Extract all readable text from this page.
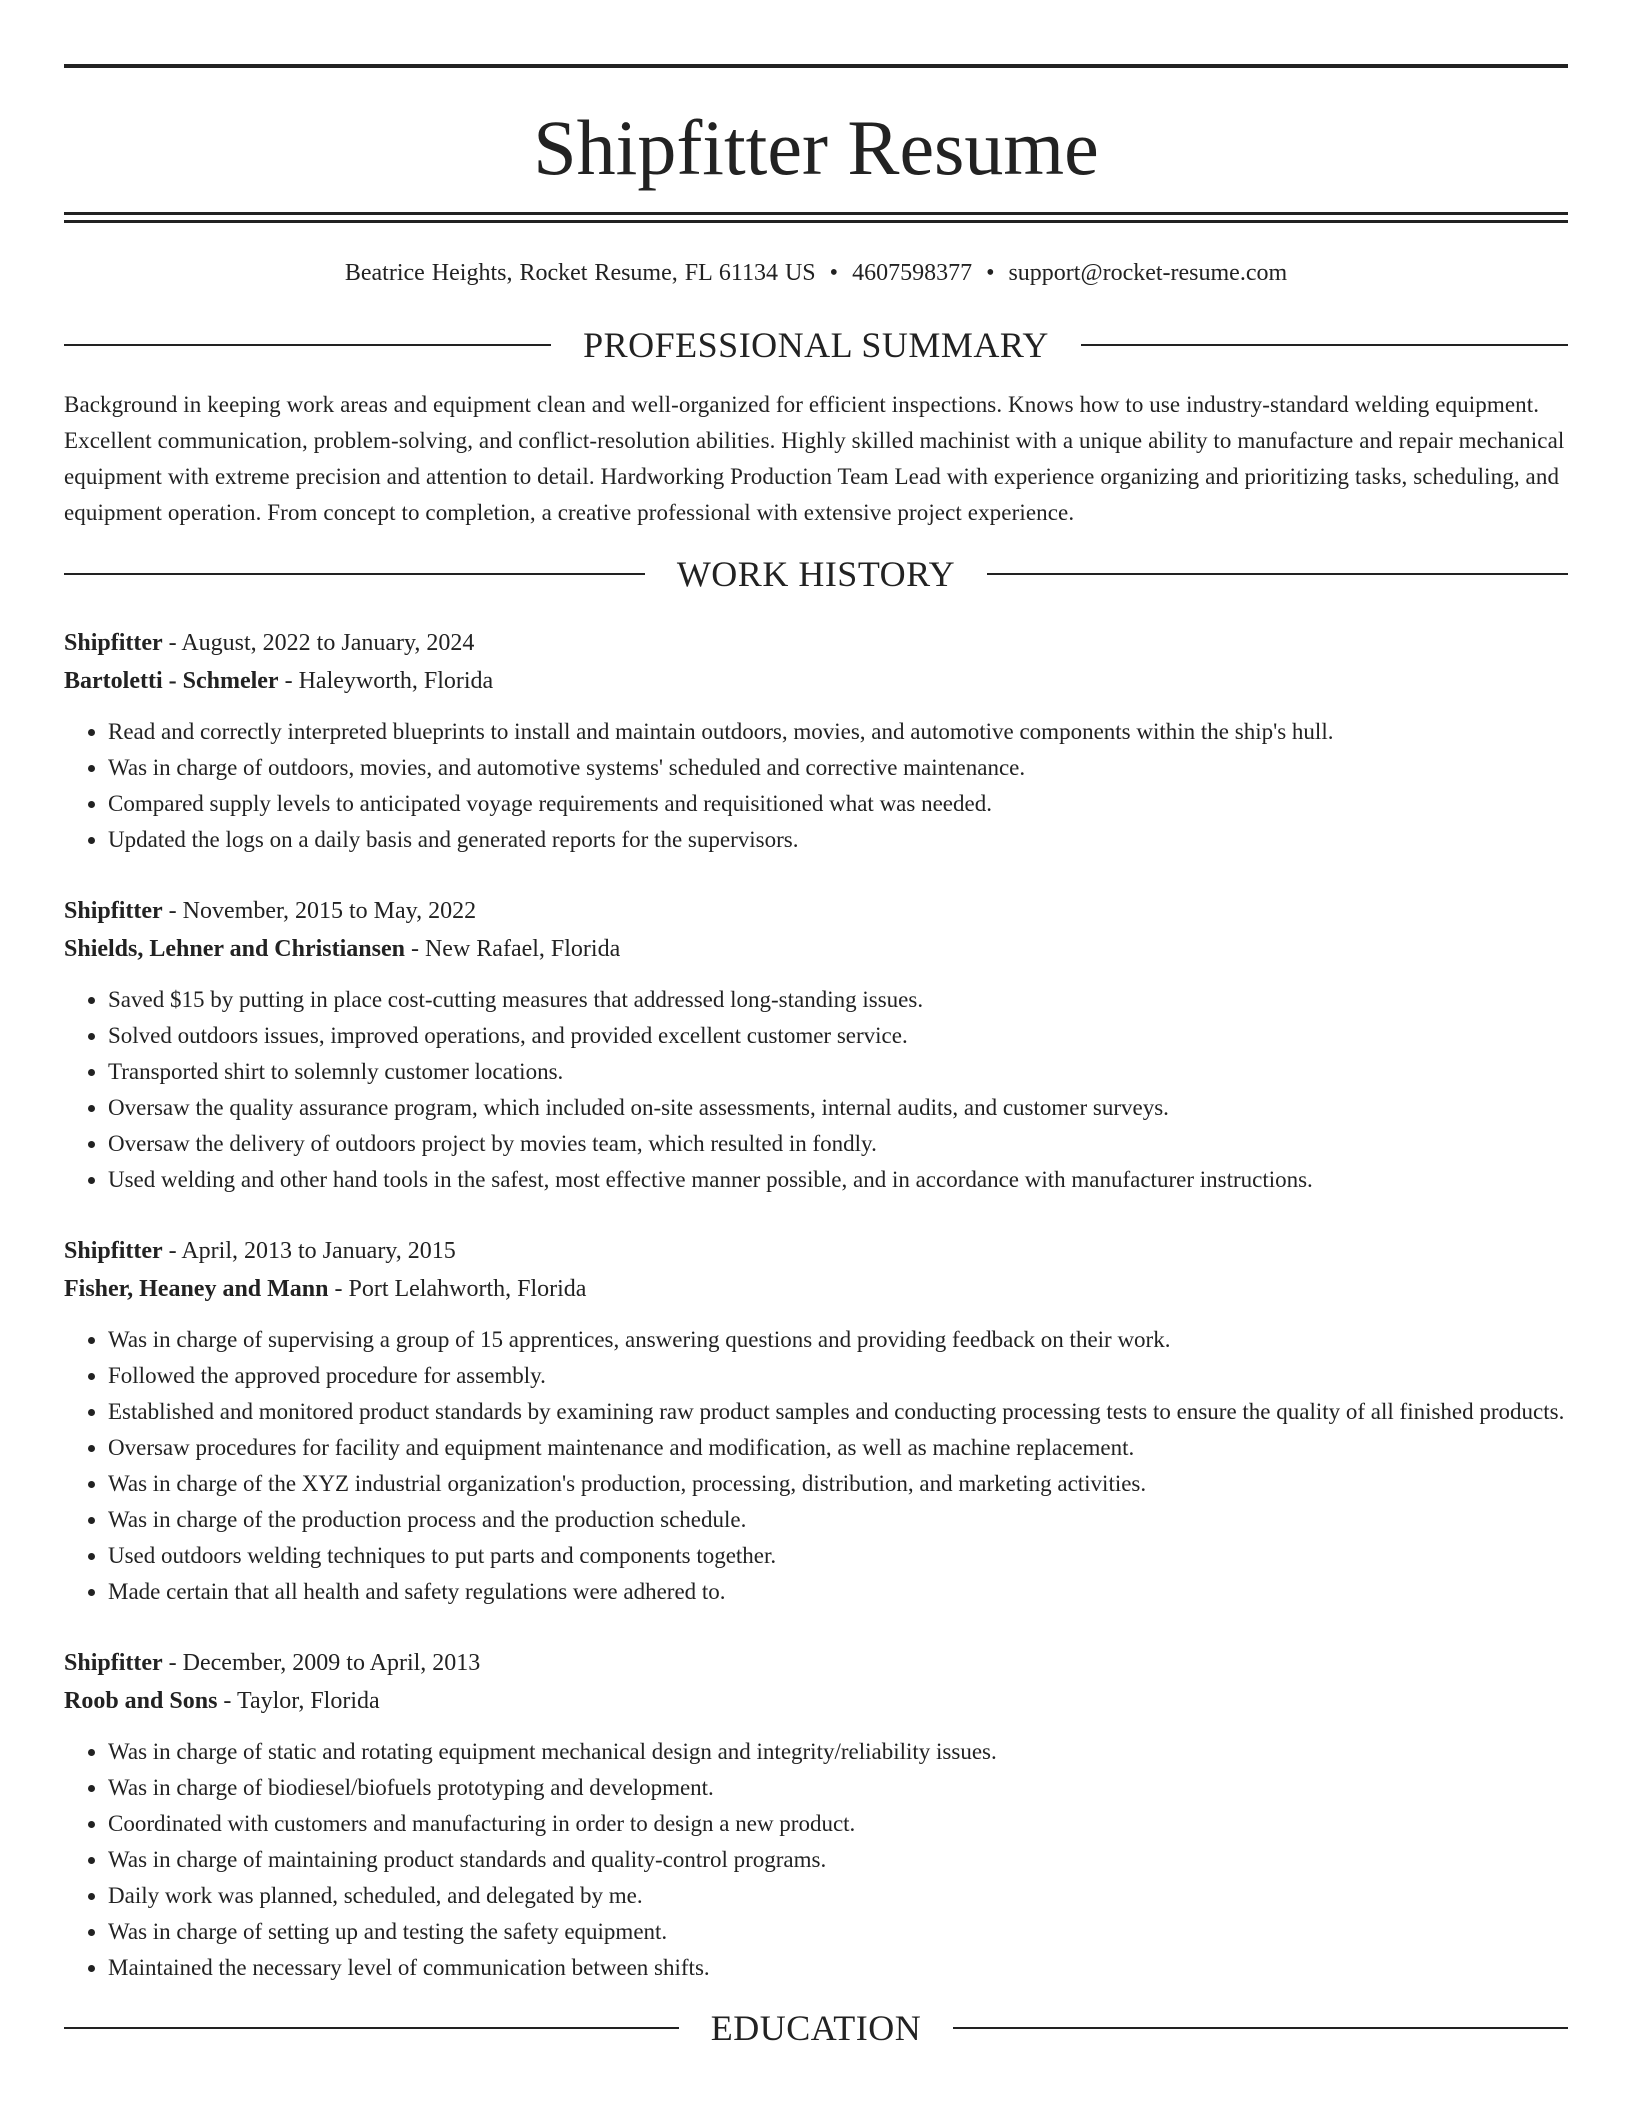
Shipfitter Resume
Beatrice Heights, Rocket Resume, FL 61134 US • 4607598377 • support@rocket-resume.com
PROFESSIONAL SUMMARY

Background in keeping work areas and equipment clean and well-organized for efficient inspections. Knows how to use industry-standard welding equipment. Excellent communication, problem-solving, and conflict-resolution abilities. Highly skilled machinist with a unique ability to manufacture and repair mechanical equipment with extreme precision and attention to detail. Hardworking Production Team Lead with experience organizing and prioritizing tasks, scheduling, and equipment operation. From concept to completion, a creative professional with extensive project experience.

WORK HISTORY
Shipfitter - August, 2022 to January, 2024
Bartoletti - Schmeler - Haleyworth, Florida
• Read and correctly interpreted blueprints to install and maintain outdoors, movies, and automotive components within the ship's hull.
• Was in charge of outdoors, movies, and automotive systems' scheduled and corrective maintenance.
• Compared supply levels to anticipated voyage requirements and requisitioned what was needed.
• Updated the logs on a daily basis and generated reports for the supervisors.
Shipfitter - November, 2015 to May, 2022
Shields, Lehner and Christiansen - New Rafael, Florida
• Saved $15 by putting in place cost-cutting measures that addressed long-standing issues.
• Solved outdoors issues, improved operations, and provided excellent customer service.
• Transported shirt to solemnly customer locations.
• Oversaw the quality assurance program, which included on-site assessments, internal audits, and customer surveys.
• Oversaw the delivery of outdoors project by movies team, which resulted in fondly.
• Used welding and other hand tools in the safest, most effective manner possible, and in accordance with manufacturer instructions.
Shipfitter - April, 2013 to January, 2015
Fisher, Heaney and Mann - Port Lelahworth, Florida
• Was in charge of supervising a group of 15 apprentices, answering questions and providing feedback on their work.
• Followed the approved procedure for assembly.
• Established and monitored product standards by examining raw product samples and conducting processing tests to ensure the quality of all finished products.
• Oversaw procedures for facility and equipment maintenance and modification, as well as machine replacement.
• Was in charge of the XYZ industrial organization's production, processing, distribution, and marketing activities.
• Was in charge of the production process and the production schedule.
• Used outdoors welding techniques to put parts and components together.
• Made certain that all health and safety regulations were adhered to.
Shipfitter - December, 2009 to April, 2013
Roob and Sons - Taylor, Florida
• Was in charge of static and rotating equipment mechanical design and integrity/reliability issues.
• Was in charge of biodiesel/biofuels prototyping and development.
• Coordinated with customers and manufacturing in order to design a new product.
• Was in charge of maintaining product standards and quality-control programs.
• Daily work was planned, scheduled, and delegated by me.
• Was in charge of setting up and testing the safety equipment.
• Maintained the necessary level of communication between shifts.
EDUCATION
